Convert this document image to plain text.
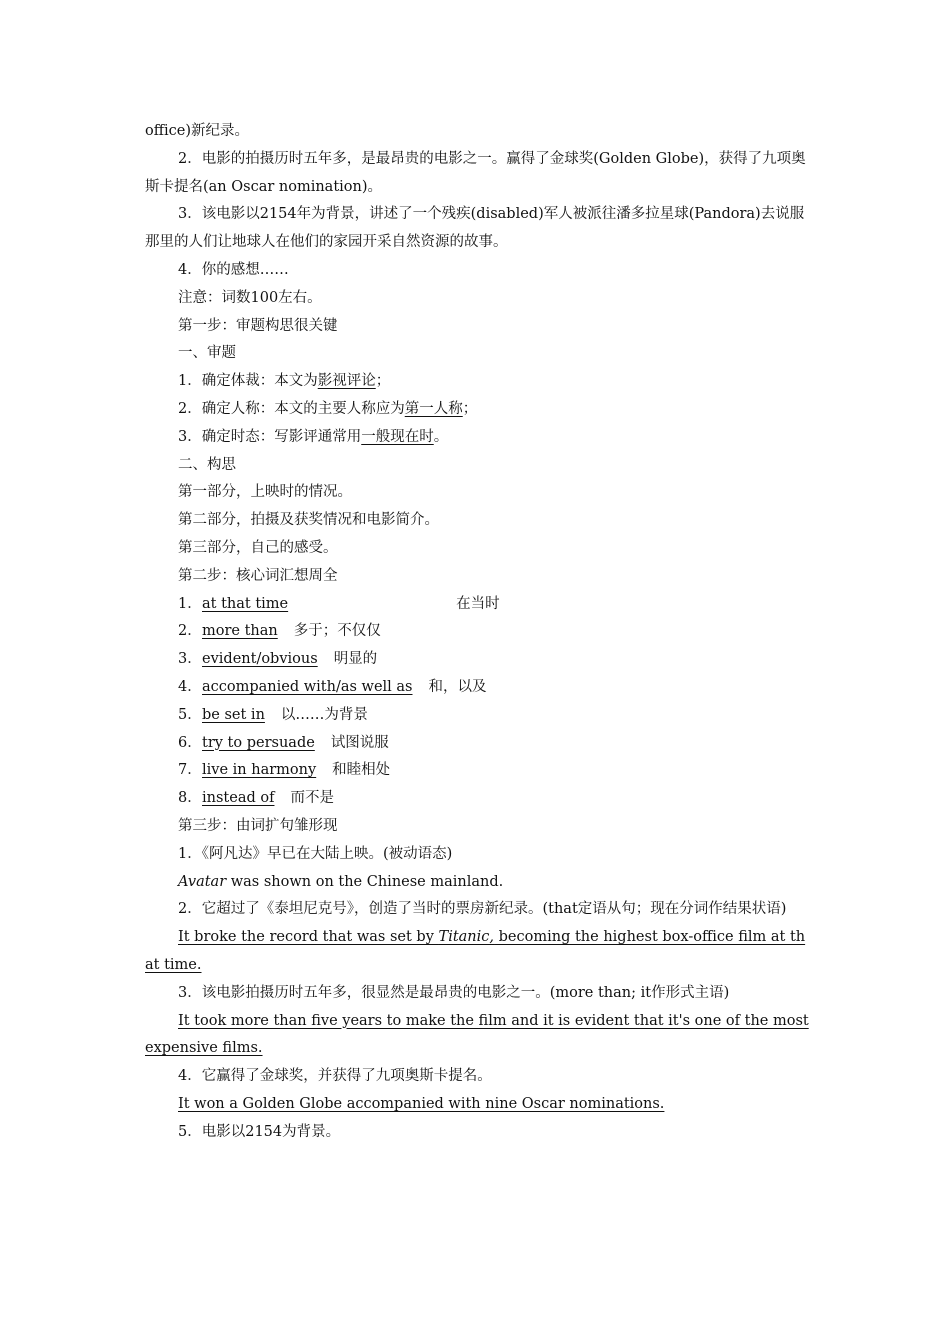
office)新纪录。

2．电影的拍摄历时五年多，是最昂贵的电影之一。赢得了金球奖(Golden Globe)，获得了九项奥斯卡提名(an Oscar nomination)。

3．该电影以2154年为背景，讲述了一个残疾(disabled)军人被派往潘多拉星球(Pandora)去说服那里的人们让地球人在他们的家园开采自然资源的故事。

4．你的感想……

注意：词数100左右。

第一步：审题构思很关键

一、审题

1．确定体裁：本文为影视评论；

2．确定人称：本文的主要人称应为第一人称；

3．确定时态：写影评通常用一般现在时。

二、构思

第一部分，上映时的情况。

第二部分，拍摄及获奖情况和电影简介。

第三部分，自己的感受。

第二步：核心词汇想周全

1． at that time	在当时
2． more than 多于；不仅仅
3． evident/obvious 明显的
4． accompanied with/as well as 和，以及
5． be set in 以……为背景
6． try to persuade 试图说服
7． live in harmony 和睦相处
8． instead of 而不是

第三步：由词扩句雏形现

1．《阿凡达》早已在大陆上映。(被动语态)

Avatar was shown on the Chinese mainland.

2．它超过了《泰坦尼克号》，创造了当时的票房新纪录。(that定语从句；现在分词作结果状语)

It broke the record that was set by Titanic, becoming the highest box-office film at that time.

3．该电影拍摄历时五年多，很显然是最昂贵的电影之一。(more than; it作形式主语)

It took more than five years to make the film and it is evident that it's one of the most expensive films.

4．它赢得了金球奖，并获得了九项奥斯卡提名。

It won a Golden Globe accompanied with nine Oscar nominations.

5．电影以2154为背景。
